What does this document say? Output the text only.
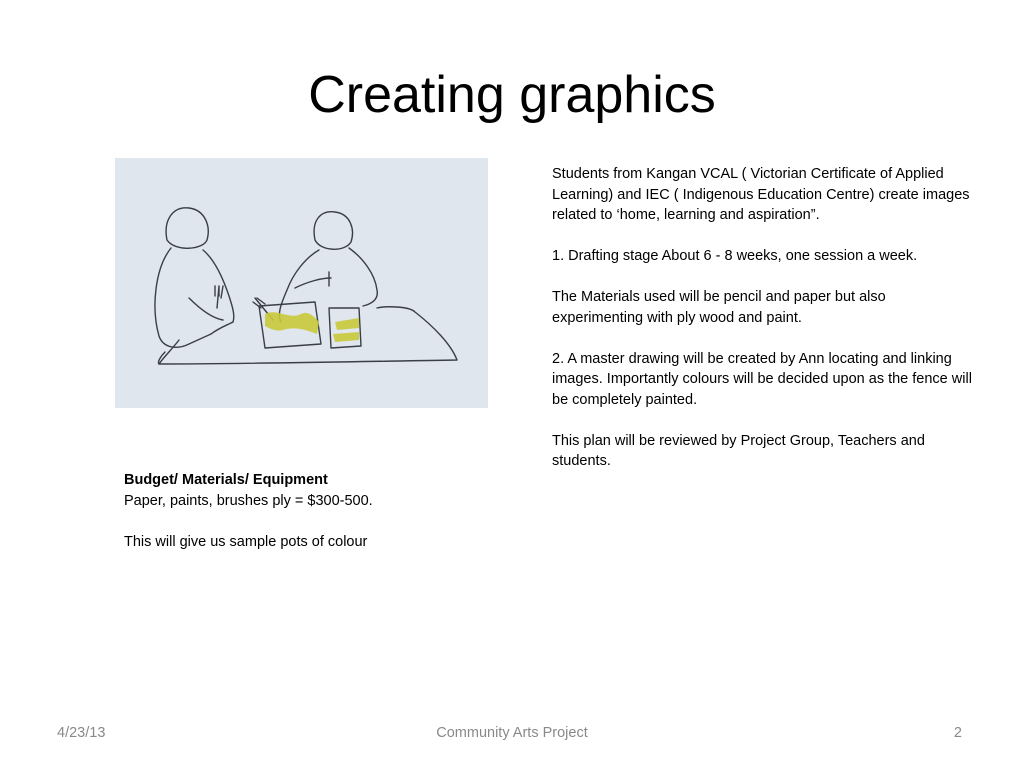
Creating graphics

Students from Kangan VCAL ( Victorian Certificate of Applied Learning) and IEC ( Indigenous Education Centre) create images related to ‘home, learning and aspiration”.

1. Drafting stage About 6 - 8 weeks, one session a week.

The Materials used will be pencil and paper but also experimenting with ply wood and paint.

2. A master drawing will be created by Ann locating and linking images. Importantly colours will be decided upon as the fence will be completely painted.

This plan will be reviewed by Project Group, Teachers and students.

Budget/ Materials/ Equipment
Paper, paints, brushes ply = $300-500.
This will give us sample pots of colour
4/23/13	Community Arts Project	2
